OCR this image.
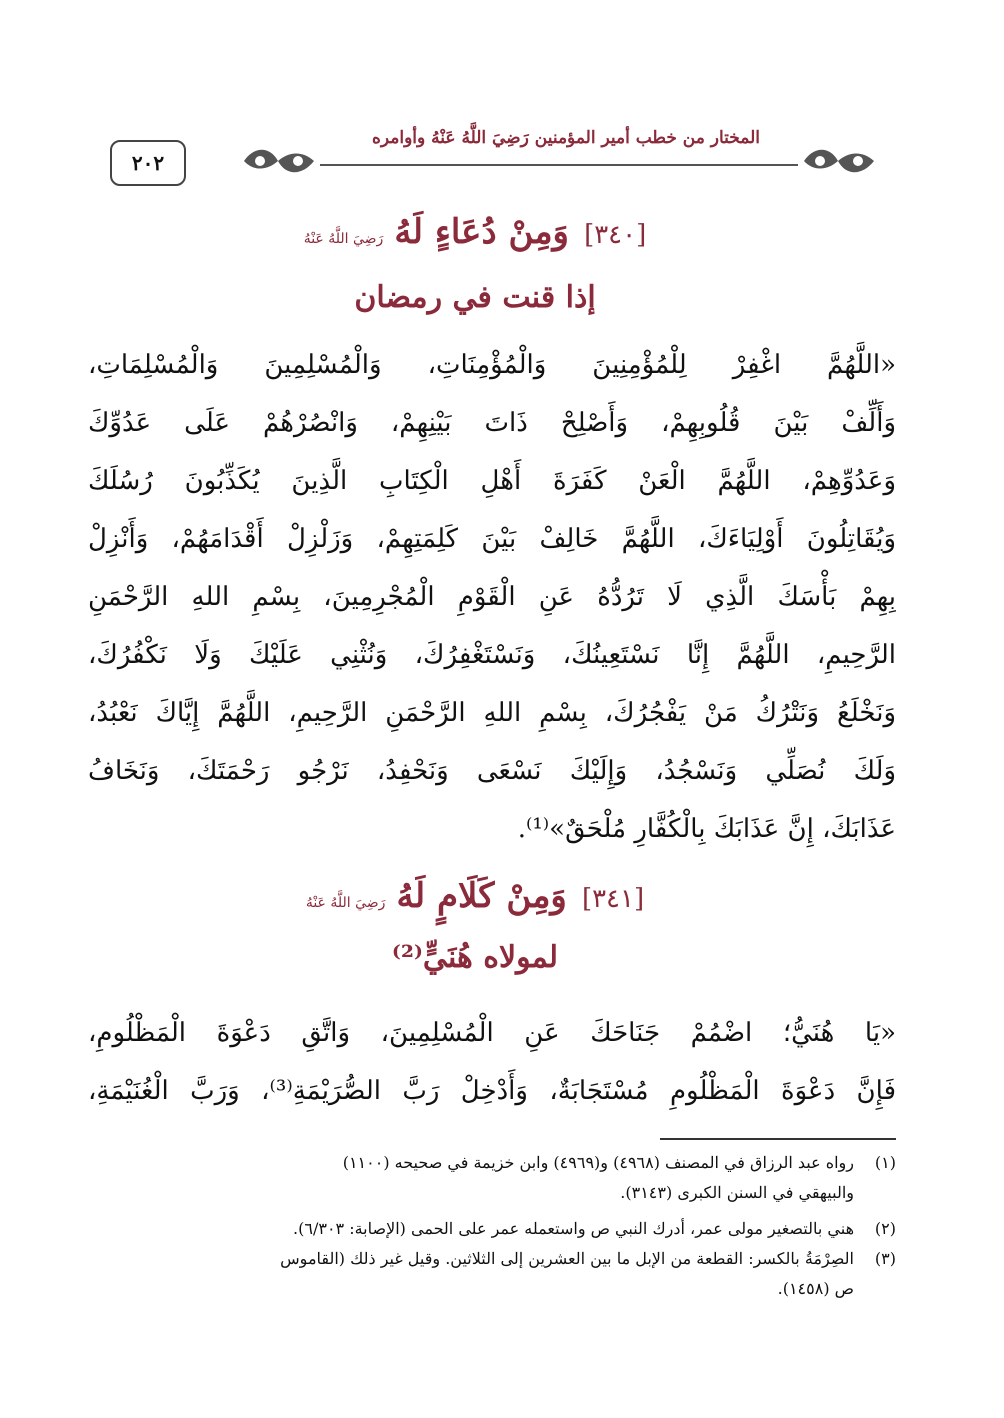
٢٠٢
المختار من خطب أمير المؤمنين رَضِيَ اللَّهُ عَنْهُ وأوامره
[٣٤٠] وَمِنْ دُعَاءٍ لَهُ رَضِيَ اللَّهُ عَنْهُ
إذا قنت في رمضان
«اللَّهُمَّ اغْفِرْ لِلْمُؤْمِنِينَ وَالْمُؤْمِنَاتِ، وَالْمُسْلِمِينَ وَالْمُسْلِمَاتِ،
وَأَلِّفْ بَيْنَ قُلُوبِهِمْ، وَأَصْلِحْ ذَاتَ بَيْنِهِمْ، وَانْصُرْهُمْ عَلَى عَدُوِّكَ
وَعَدُوِّهِمْ، اللَّهُمَّ الْعَنْ كَفَرَةَ أَهْلِ الْكِتَابِ الَّذِينَ يُكَذِّبُونَ رُسُلَكَ
وَيُقَاتِلُونَ أَوْلِيَاءَكَ، اللَّهُمَّ خَالِفْ بَيْنَ كَلِمَتِهِمْ، وَزَلْزِلْ أَقْدَامَهُمْ، وَأَنْزِلْ
بِهِمْ بَأْسَكَ الَّذِي لَا تَرُدُّهُ عَنِ الْقَوْمِ الْمُجْرِمِينَ، بِسْمِ اللهِ الرَّحْمَنِ
الرَّحِيمِ، اللَّهُمَّ إِنَّا نَسْتَعِينُكَ، وَنَسْتَغْفِرُكَ، وَنُثْنِي عَلَيْكَ وَلَا نَكْفُرُكَ،
وَنَخْلَعُ وَنَتْرُكُ مَنْ يَفْجُرُكَ، بِسْمِ اللهِ الرَّحْمَنِ الرَّحِيمِ، اللَّهُمَّ إِيَّاكَ نَعْبُدُ،
وَلَكَ نُصَلِّي وَنَسْجُدُ، وَإِلَيْكَ نَسْعَى وَنَحْفِدُ، نَرْجُو رَحْمَتَكَ، وَنَخَافُ
عَذَابَكَ، إِنَّ عَذَابَكَ بِالْكُفَّارِ مُلْحَقٌ»⁽¹⁾.
[٣٤١] وَمِنْ كَلَامٍ لَهُ رَضِيَ اللَّهُ عَنْهُ
لمولاه هُنَيٍّ⁽²⁾
«يَا هُنَيُّ؛ اضْمُمْ جَنَاحَكَ عَنِ الْمُسْلِمِينَ، وَاتَّقِ دَعْوَةَ الْمَظْلُومِ،
فَإِنَّ دَعْوَةَ الْمَظْلُومِ مُسْتَجَابَةٌ، وَأَدْخِلْ رَبَّ الصُّرَيْمَةِ⁽³⁾، وَرَبَّ الْغُنَيْمَةِ،
(١)رواه عبد الرزاق في المصنف (٤٩٦٨) و(٤٩٦٩) وابن خزيمة في صحيحه (١١٠٠)
والبيهقي في السنن الكبرى (٣١٤٣).
(٢)هني بالتصغير مولى عمر، أدرك النبي ص واستعمله عمر على الحمى (الإصابة: ٦/٣٠٣).
(٣)الصِرْمَةُ بالكسر: القطعة من الإبل ما بين العشرين إلى الثلاثين. وقيل غير ذلك (القاموس
ص (١٤٥٨).
